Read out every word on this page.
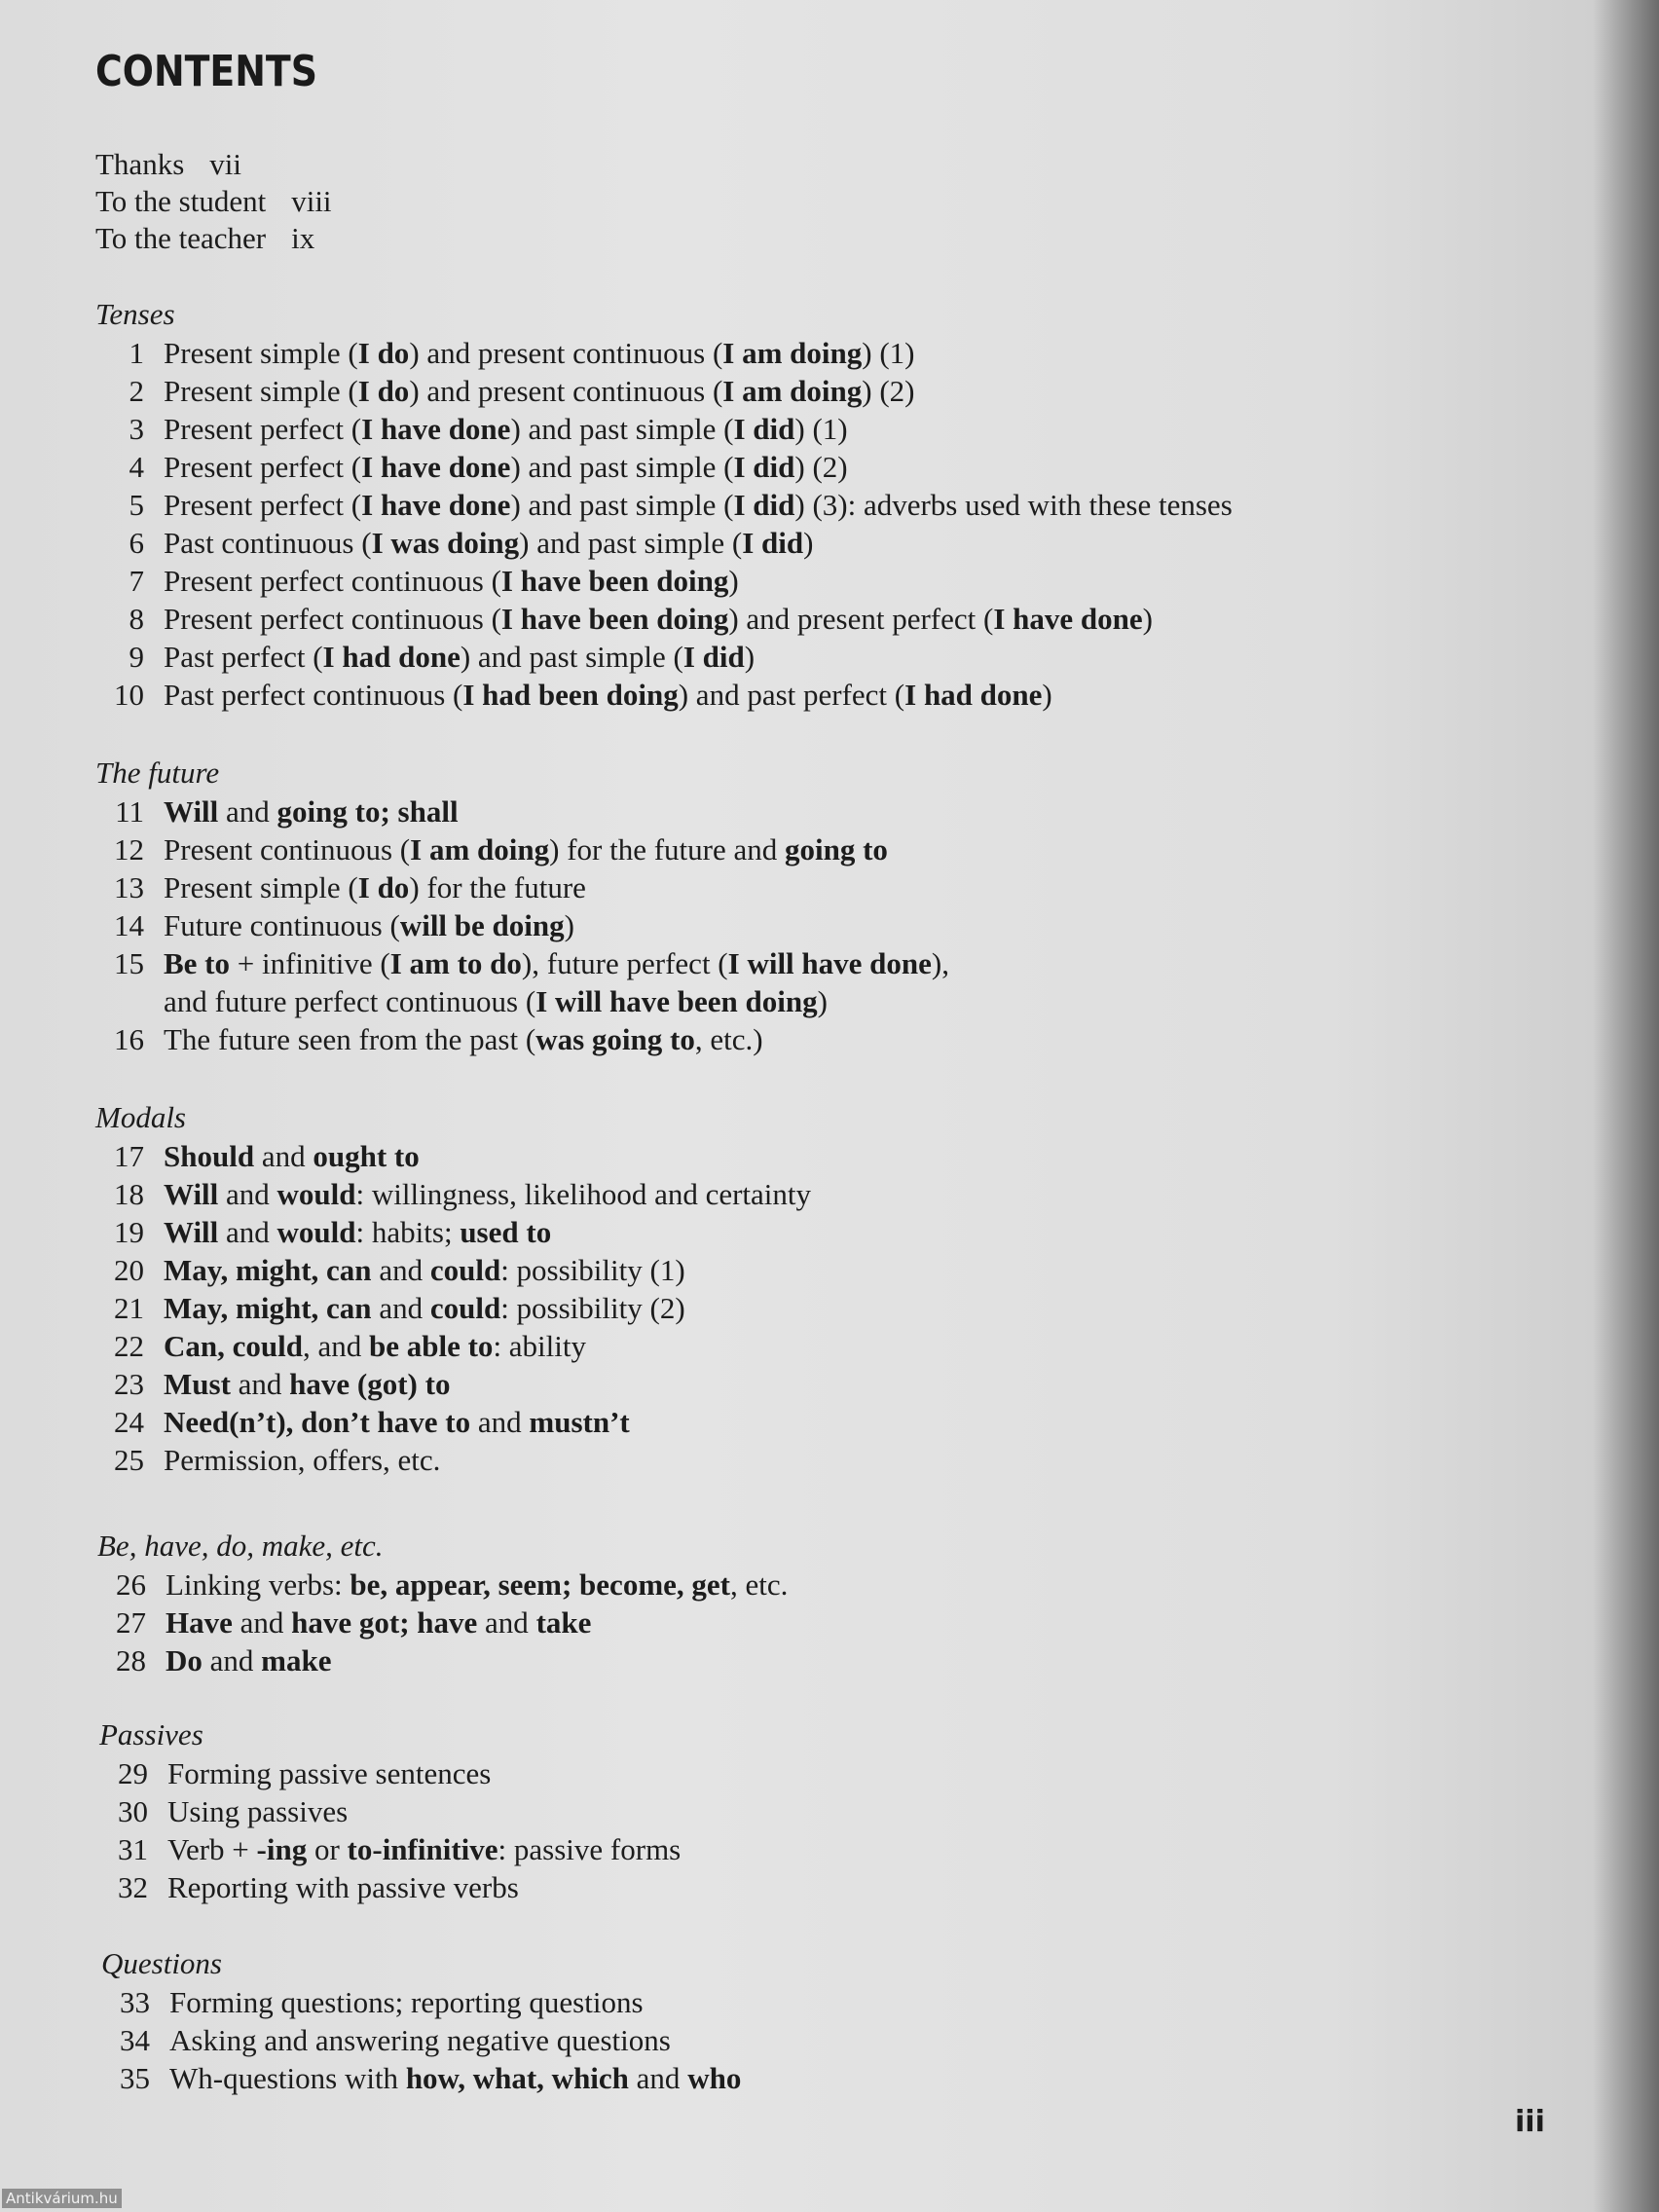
CONTENTS
Thanks vii
To the student viii
To the teacher ix
Tenses
1 Present simple (I do) and present continuous (I am doing) (1)
2 Present simple (I do) and present continuous (I am doing) (2)
3 Present perfect (I have done) and past simple (I did) (1)
4 Present perfect (I have done) and past simple (I did) (2)
5 Present perfect (I have done) and past simple (I did) (3): adverbs used with these tenses
6 Past continuous (I was doing) and past simple (I did)
7 Present perfect continuous (I have been doing)
8 Present perfect continuous (I have been doing) and present perfect (I have done)
9 Past perfect (I had done) and past simple (I did)
10 Past perfect continuous (I had been doing) and past perfect (I had done)
The future
11 Will and going to; shall
12 Present continuous (I am doing) for the future and going to
13 Present simple (I do) for the future
14 Future continuous (will be doing)
15 Be to + infinitive (I am to do), future perfect (I will have done),
and future perfect continuous (I will have been doing)
16 The future seen from the past (was going to, etc.)
Modals
17 Should and ought to
18 Will and would: willingness, likelihood and certainty
19 Will and would: habits; used to
20 May, might, can and could: possibility (1)
21 May, might, can and could: possibility (2)
22 Can, could, and be able to: ability
23 Must and have (got) to
24 Need(n’t), don’t have to and mustn’t
25 Permission, offers, etc.
Be, have, do, make, etc.
26 Linking verbs: be, appear, seem; become, get, etc.
27 Have and have got; have and take
28 Do and make
Passives
29 Forming passive sentences
30 Using passives
31 Verb + -ing or to-infinitive: passive forms
32 Reporting with passive verbs
Questions
33 Forming questions; reporting questions
34 Asking and answering negative questions
35 Wh-questions with how, what, which and who
iii
Antikvárium.hu
